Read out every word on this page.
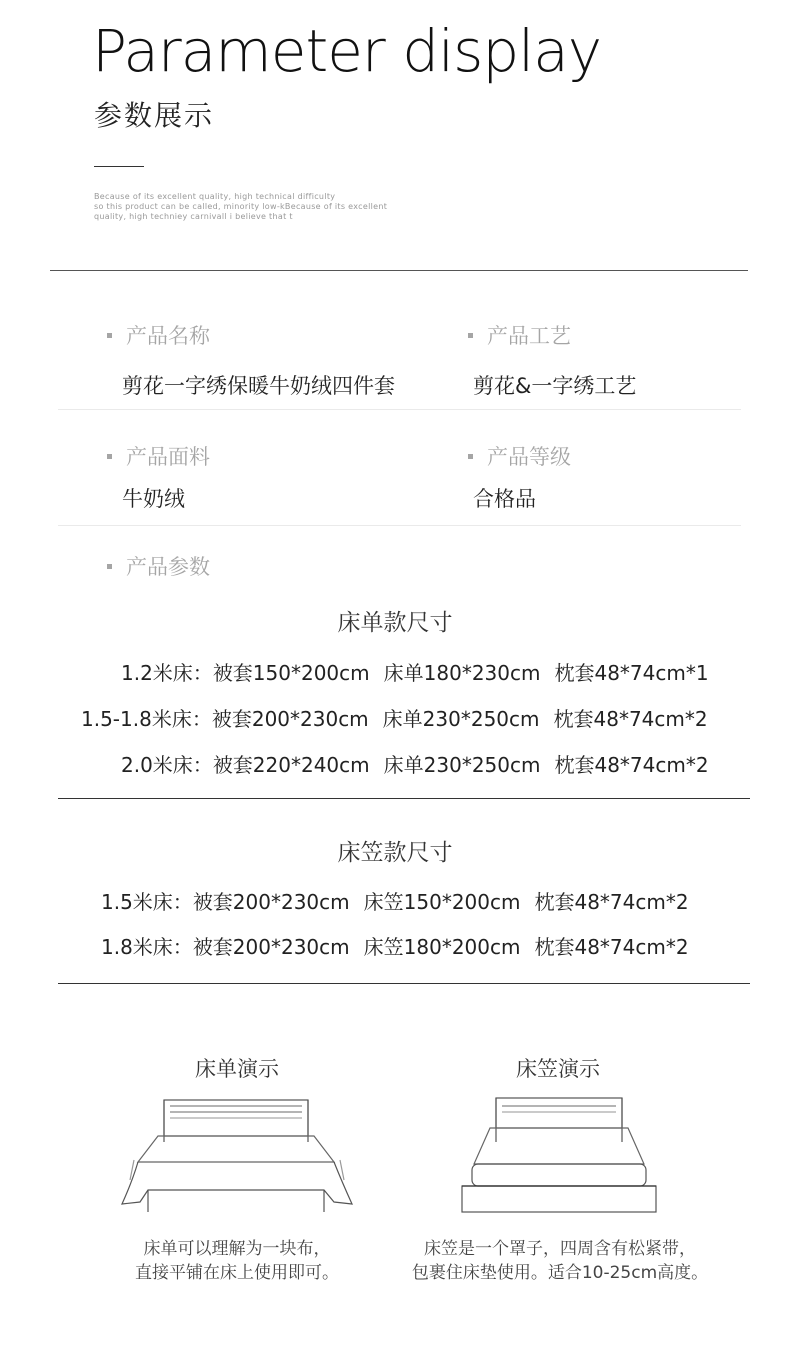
Parameter display
参数展示
Because of its excellent quality, high technical difficulty
so this product can be called, minority low-kBecause of its excellent
quality, high techniey carnivall i believe that t
产品名称	产品工艺
剪花一字绣保暖牛奶绒四件套	剪花&一字绣工艺
产品面料	产品等级
牛奶绒	合格品
产品参数
床单款尺寸
1.2米床：被套150*200cm 床单180*230cm 枕套48*74cm*1
1.5-1.8米床：被套200*230cm 床单230*250cm 枕套48*74cm*2
2.0米床：被套220*240cm 床单230*250cm 枕套48*74cm*2
床笠款尺寸
1.5米床：被套200*230cm 床笠150*200cm 枕套48*74cm*2
1.8米床：被套200*230cm 床笠180*200cm 枕套48*74cm*2
床单演示	床笠演示
床单可以理解为一块布，
直接平铺在床上使用即可。
床笠是一个罩子，四周含有松紧带，
包裹住床垫使用。适合10-25cm高度。
